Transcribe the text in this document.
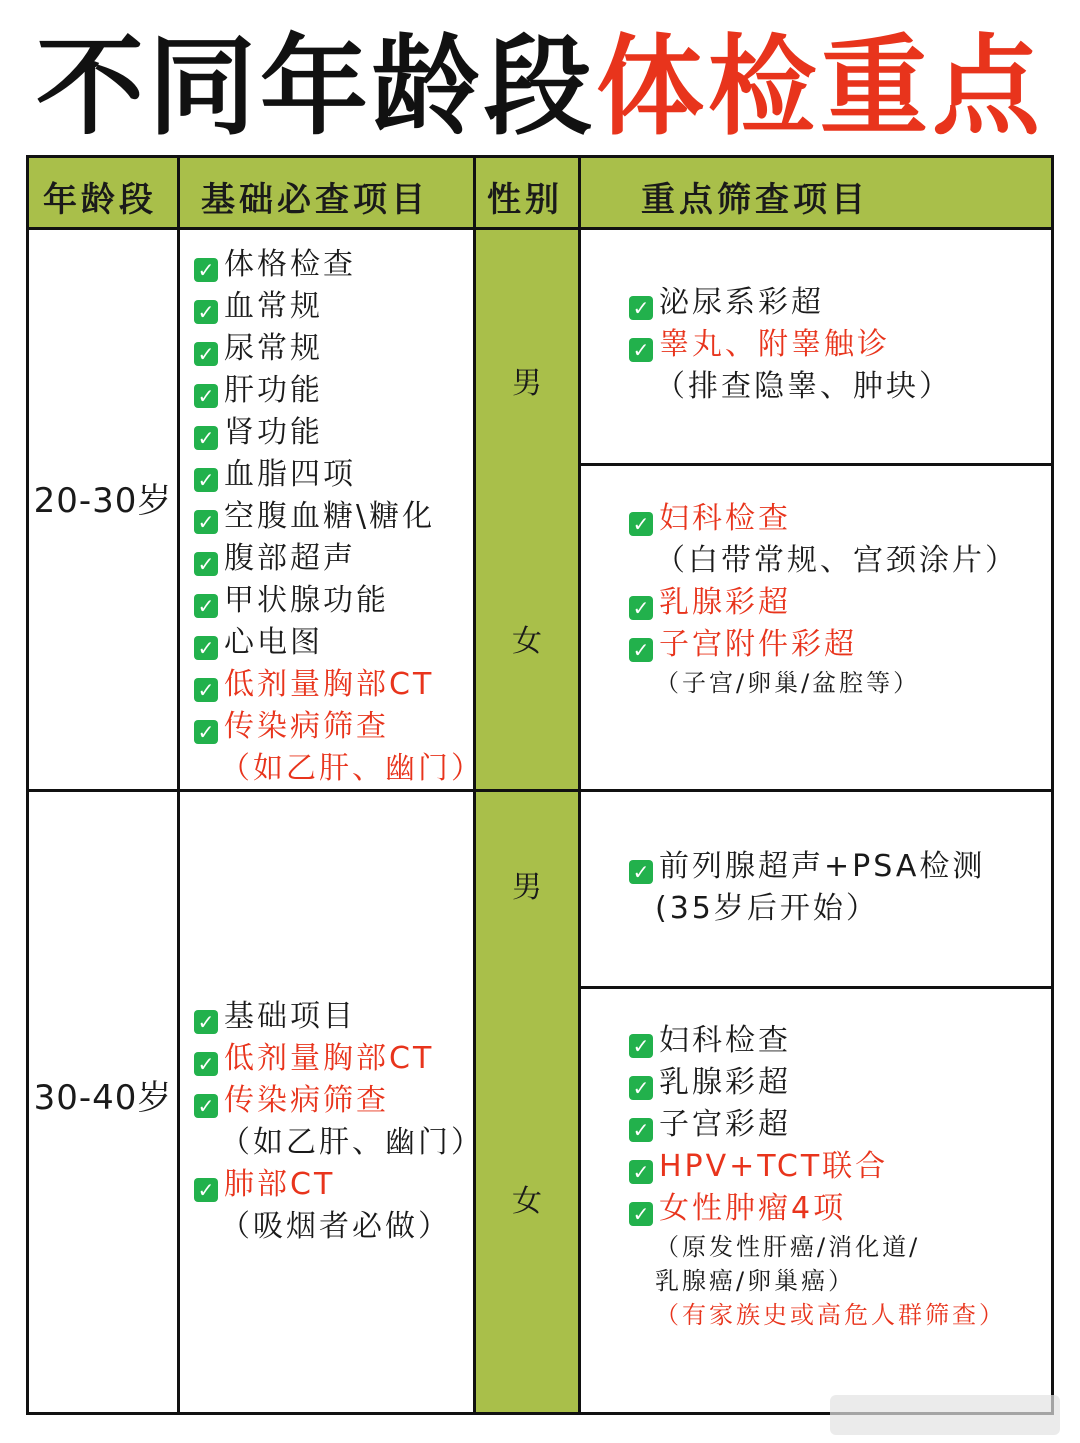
不同年龄段体检重点
年龄段 基础必查项目 性别 重点筛查项目
20-30岁
✓ 体格检查
✓ 血常规
✓ 尿常规
✓ 肝功能
✓ 肾功能
✓ 血脂四项
✓ 空腹血糖\糖化
✓ 腹部超声
✓ 甲状腺功能
✓ 心电图
✓ 低剂量胸部CT
✓ 传染病筛查
（如乙肝、幽门）
男
✓ 泌尿系彩超
✓ 睾丸、附睾触诊
（排查隐睾、肿块）
女
✓ 妇科检查
（白带常规、宫颈涂片）
✓ 乳腺彩超
✓ 子宫附件彩超
（子宫/卵巢/盆腔等）
30-40岁
✓ 基础项目
✓ 低剂量胸部CT
✓ 传染病筛查
（如乙肝、幽门）
✓ 肺部CT
（吸烟者必做）
男	✓ 前列腺超声+PSA检测
(35岁后开始）
女
✓ 妇科检查
✓ 乳腺彩超
✓ 子宫彩超
✓ HPV+TCT联合
✓ 女性肿瘤4项
（原发性肝癌/消化道/
乳腺癌/卵巢癌）
（有家族史或高危人群筛查）
